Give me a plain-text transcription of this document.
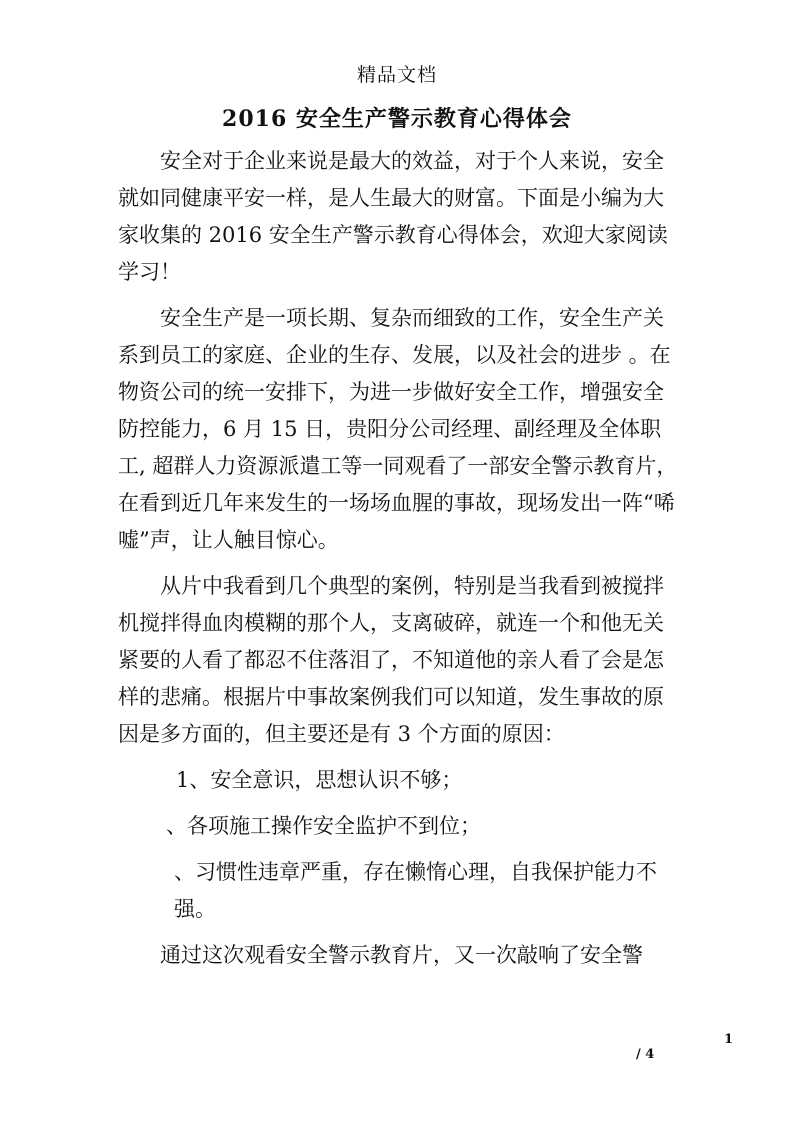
精品文档
2016 安全生产警示教育心得体会

安全对于企业来说是最大的效益，对于个人来说，安全就如同健康平安一样，是人生最大的财富。下面是小编为大家收集的 2016 安全生产警示教育心得体会，欢迎大家阅读学习！

安全生产是一项长期、复杂而细致的工作，安全生产关系到员工的家庭、企业的生存、发展，以及社会的进步 。在物资公司的统一安排下，为进一步做好安全工作，增强安全防控能力，6 月 15 日，贵阳分公司经理、副经理及全体职工, 超群人力资源派遣工等一同观看了一部安全警示教育片，在看到近几年来发生的一场场血腥的事故，现场发出一阵“唏嘘”声，让人触目惊心。

从片中我看到几个典型的案例，特别是当我看到被搅拌机搅拌得血肉模糊的那个人，支离破碎，就连一个和他无关紧要的人看了都忍不住落泪了，不知道他的亲人看了会是怎样的悲痛。根据片中事故案例我们可以知道，发生事故的原因是多方面的，但主要还是有 3 个方面的原因：

1、安全意识，思想认识不够；

、各项施工操作安全监护不到位；

、习惯性违章严重，存在懒惰心理，自我保护能力不强。

通过这次观看安全警示教育片，又一次敲响了安全警

1
/ 4
